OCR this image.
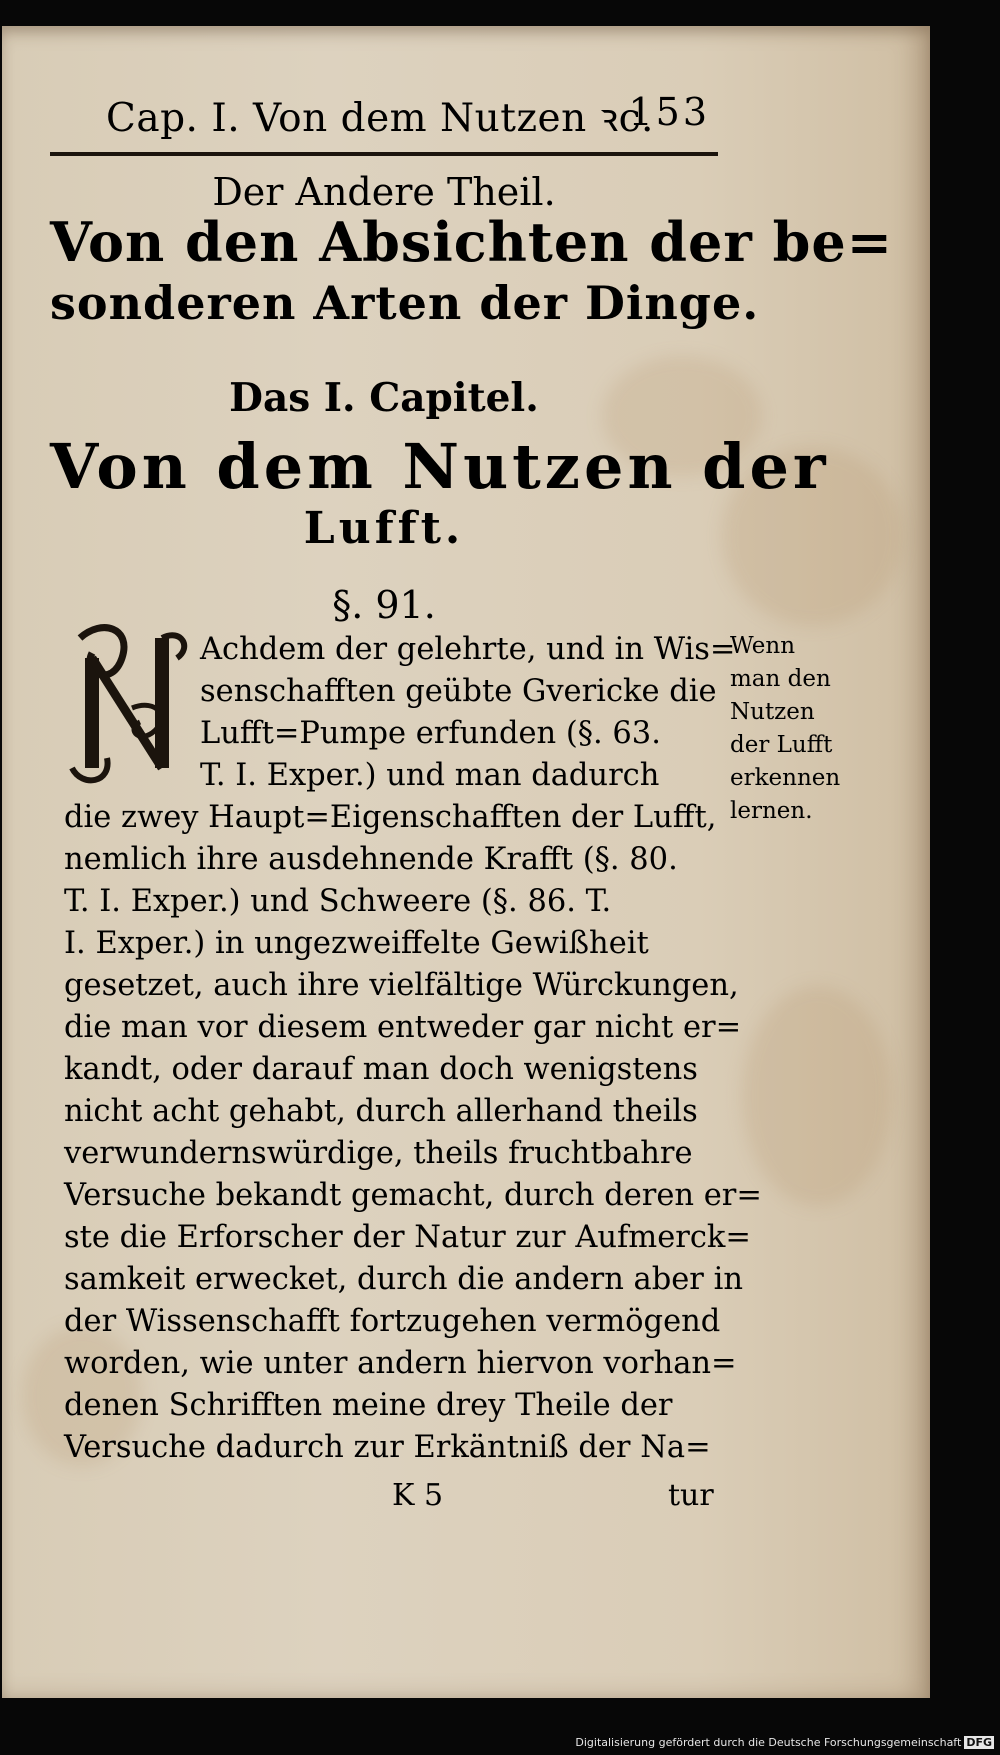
Cap. I. Von dem Nutzen ꝛc.
153
Der Andere Theil.
Von den Absichten der be=
sonderen Arten der Dinge.
Das I. Capitel.
Von dem Nutzen der
Lufft.
§. 91.
Achdem der gelehrte, und in Wis=
senschafften geübte Gvericke die
Lufft=Pumpe erfunden (§. 63.
T. I. Exper.) und man dadurch
die zwey Haupt=Eigenschafften der Lufft,
nemlich ihre ausdehnende Krafft (§. 80.
T. I. Exper.) und Schweere (§. 86. T.
I. Exper.) in ungezweiffelte Gewißheit
gesetzet, auch ihre vielfältige Würckungen,
die man vor diesem entweder gar nicht er=
kandt, oder darauf man doch wenigstens
nicht acht gehabt, durch allerhand theils
verwundernswürdige, theils fruchtbahre
Versuche bekandt gemacht, durch deren er=
ste die Erforscher der Natur zur Aufmerck=
samkeit erwecket, durch die andern aber in
der Wissenschafft fortzugehen vermögend
worden, wie unter andern hiervon vorhan=
denen Schrifften meine drey Theile der
Versuche dadurch zur Erkäntniß der Na=
Wenn
man den
Nutzen
der Lufft
erkennen
lernen.
K 5	tur
Digitalisierung gefördert durch die Deutsche Forschungsgemeinschaft DFG
